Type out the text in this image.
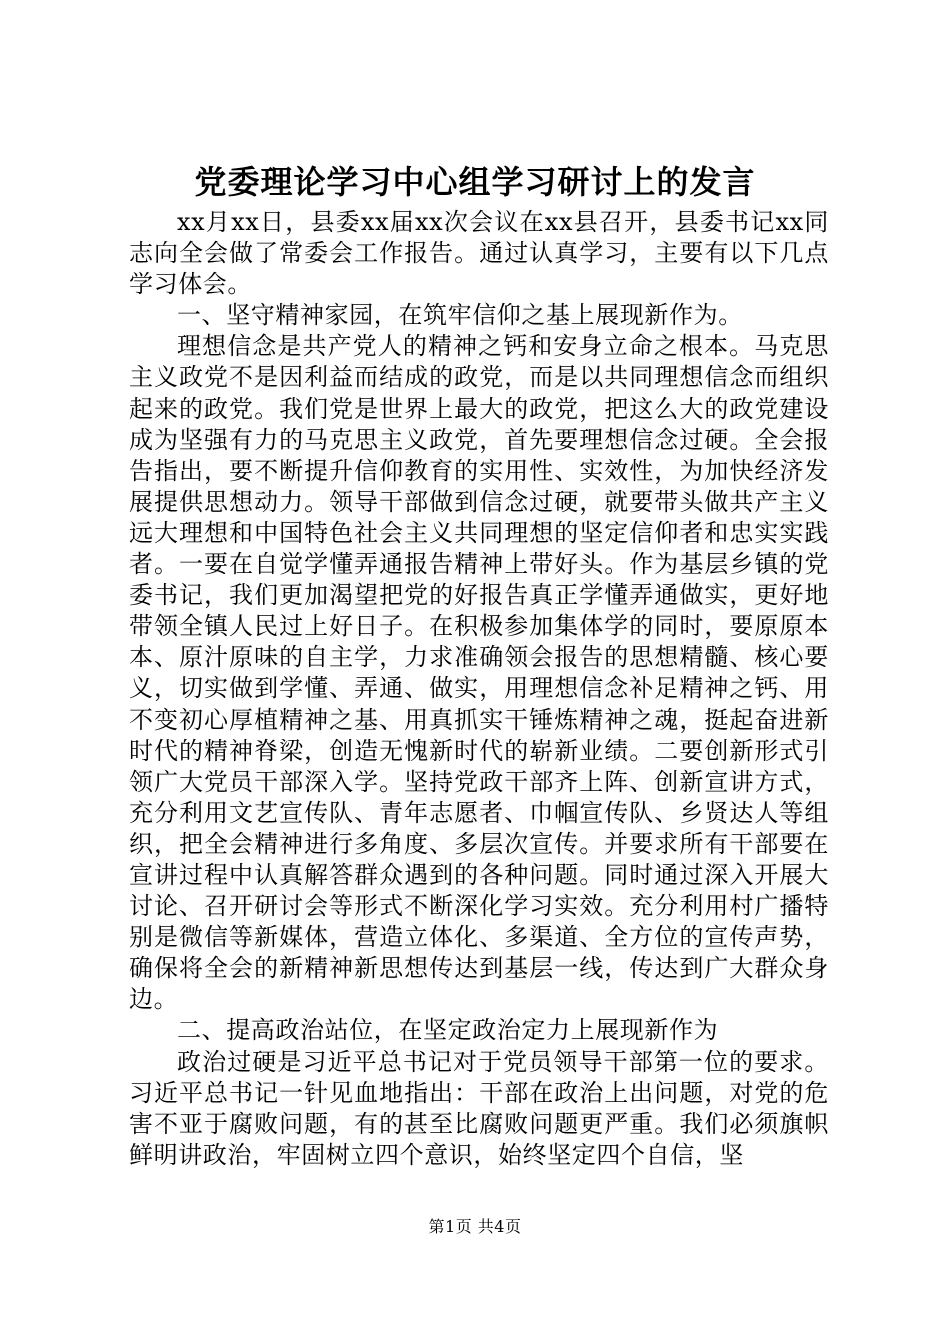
党委理论学习中心组学习研讨上的发言

xx月xx日，县委xx届xx次会议在xx县召开，县委书记xx同志向全会做了常委会工作报告。通过认真学习，主要有以下几点学习体会。

一、坚守精神家园，在筑牢信仰之基上展现新作为。

理想信念是共产党人的精神之钙和安身立命之根本。马克思主义政党不是因利益而结成的政党，而是以共同理想信念而组织起来的政党。我们党是世界上最大的政党，把这么大的政党建设成为坚强有力的马克思主义政党，首先要理想信念过硬。全会报告指出，要不断提升信仰教育的实用性、实效性，为加快经济发展提供思想动力。领导干部做到信念过硬，就要带头做共产主义远大理想和中国特色社会主义共同理想的坚定信仰者和忠实实践者。一要在自觉学懂弄通报告精神上带好头。作为基层乡镇的党委书记，我们更加渴望把党的好报告真正学懂弄通做实，更好地带领全镇人民过上好日子。在积极参加集体学的同时，要原原本本、原汁原味的自主学，力求准确领会报告的思想精髓、核心要义，切实做到学懂、弄通、做实，用理想信念补足精神之钙、用不变初心厚植精神之基、用真抓实干锤炼精神之魂，挺起奋进新时代的精神脊梁，创造无愧新时代的崭新业绩。二要创新形式引领广大党员干部深入学。坚持党政干部齐上阵、创新宣讲方式，充分利用文艺宣传队、青年志愿者、巾帼宣传队、乡贤达人等组织，把全会精神进行多角度、多层次宣传。并要求所有干部要在宣讲过程中认真解答群众遇到的各种问题。同时通过深入开展大讨论、召开研讨会等形式不断深化学习实效。充分利用村广播特别是微信等新媒体，营造立体化、多渠道、全方位的宣传声势，确保将全会的新精神新思想传达到基层一线，传达到广大群众身边。

二、提高政治站位，在坚定政治定力上展现新作为

政治过硬是习近平总书记对于党员领导干部第一位的要求。习近平总书记一针见血地指出：干部在政治上出问题，对党的危害不亚于腐败问题，有的甚至比腐败问题更严重。我们必须旗帜鲜明讲政治，牢固树立四个意识，始终坚定四个自信，坚

第1页 共4页
